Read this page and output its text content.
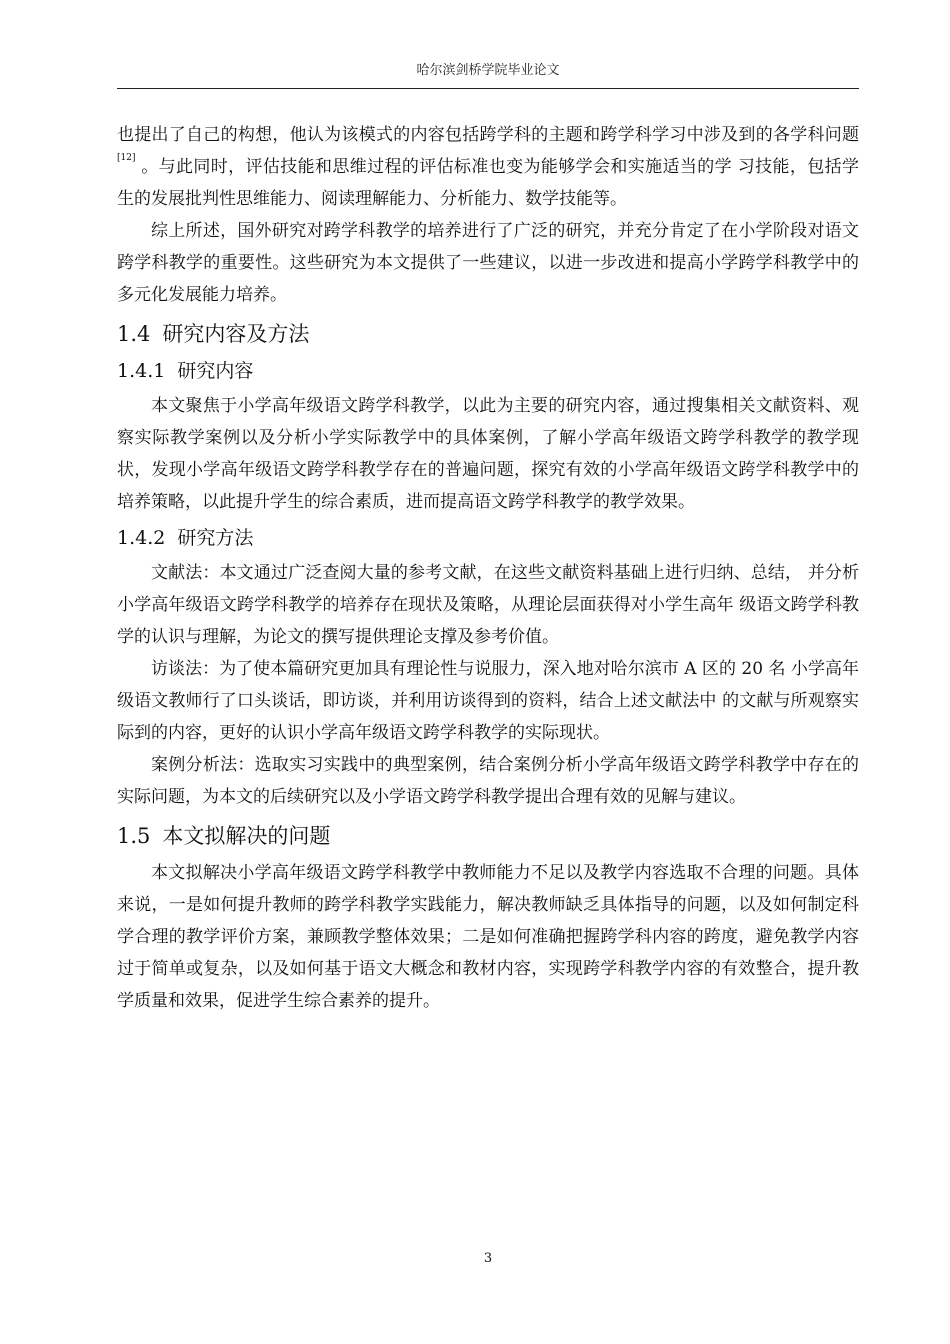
哈尔滨剑桥学院毕业论文

也提出了自己的构想，他认为该模式的内容包括跨学科的主题和跨学科学习中涉及到的各学科问题[12] 。与此同时，评估技能和思维过程的评估标准也变为能够学会和实施适当的学 习技能，包括学生的发展批判性思维能力、阅读理解能力、分析能力、数学技能等。

综上所述，国外研究对跨学科教学的培养进行了广泛的研究，并充分肯定了在小学阶段对语文跨学科教学的重要性。这些研究为本文提供了一些建议，以进一步改进和提高小学跨学科教学中的多元化发展能力培养。

1.4 研究内容及方法
1.4.1 研究内容

本文聚焦于小学高年级语文跨学科教学，以此为主要的研究内容，通过搜集相关文献资料、观察实际教学案例以及分析小学实际教学中的具体案例，了解小学高年级语文跨学科教学的教学现状，发现小学高年级语文跨学科教学存在的普遍问题，探究有效的小学高年级语文跨学科教学中的培养策略，以此提升学生的综合素质，进而提高语文跨学科教学的教学效果。

1.4.2 研究方法

文献法：本文通过广泛查阅大量的参考文献，在这些文献资料基础上进行归纳、总结， 并分析小学高年级语文跨学科教学的培养存在现状及策略，从理论层面获得对小学生高年 级语文跨学科教学的认识与理解，为论文的撰写提供理论支撑及参考价值。

访谈法：为了使本篇研究更加具有理论性与说服力，深入地对哈尔滨市 A 区的 20 名 小学高年级语文教师行了口头谈话，即访谈，并利用访谈得到的资料，结合上述文献法中 的文献与所观察实际到的内容，更好的认识小学高年级语文跨学科教学的实际现状。

案例分析法：选取实习实践中的典型案例，结合案例分析小学高年级语文跨学科教学中存在的实际问题，为本文的后续研究以及小学语文跨学科教学提出合理有效的见解与建议。

1.5 本文拟解决的问题

本文拟解决小学高年级语文跨学科教学中教师能力不足以及教学内容选取不合理的问题。具体来说，一是如何提升教师的跨学科教学实践能力，解决教师缺乏具体指导的问题，以及如何制定科学合理的教学评价方案，兼顾教学整体效果；二是如何准确把握跨学科内容的跨度，避免教学内容过于简单或复杂，以及如何基于语文大概念和教材内容，实现跨学科教学内容的有效整合，提升教学质量和效果，促进学生综合素养的提升。

3
